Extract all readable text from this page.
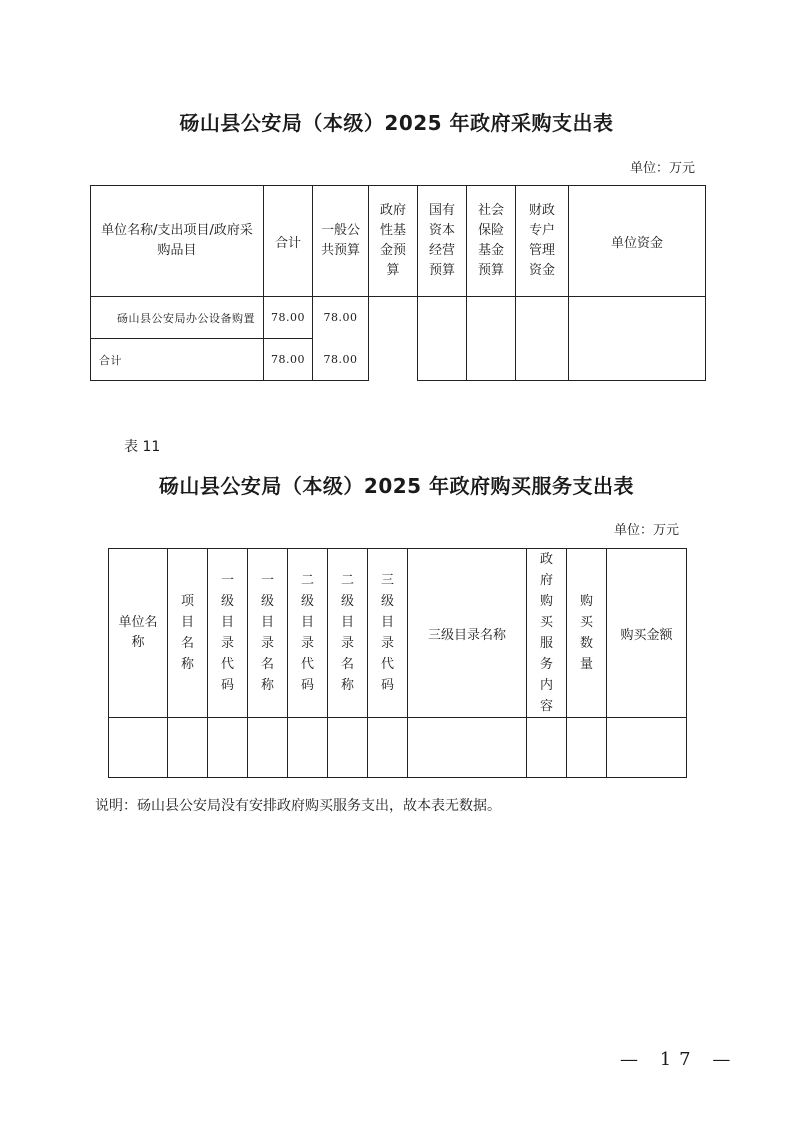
砀山县公安局（本级）2025 年政府采购支出表
单位：万元
单位名称/支出项目/政府采购品目	合计	一般公共预算	政府性基金预算	国有资本经营预算	社会保险基金预算	财政专户管理资金	单位资金
砀山县公安局办公设备购置	78.00	78.00					
合计	78.00	78.00					
表 11
砀山县公安局（本级）2025 年政府购买服务支出表
单位：万元
单位名称	项目名称	一级目录代码	一级目录名称	二级目录代码	二级目录名称	三级目录代码	三级目录名称	政府购买服务内容	购买数量	购买金额

说明：砀山县公安局没有安排政府购买服务支出，故本表无数据。
— 17 —
